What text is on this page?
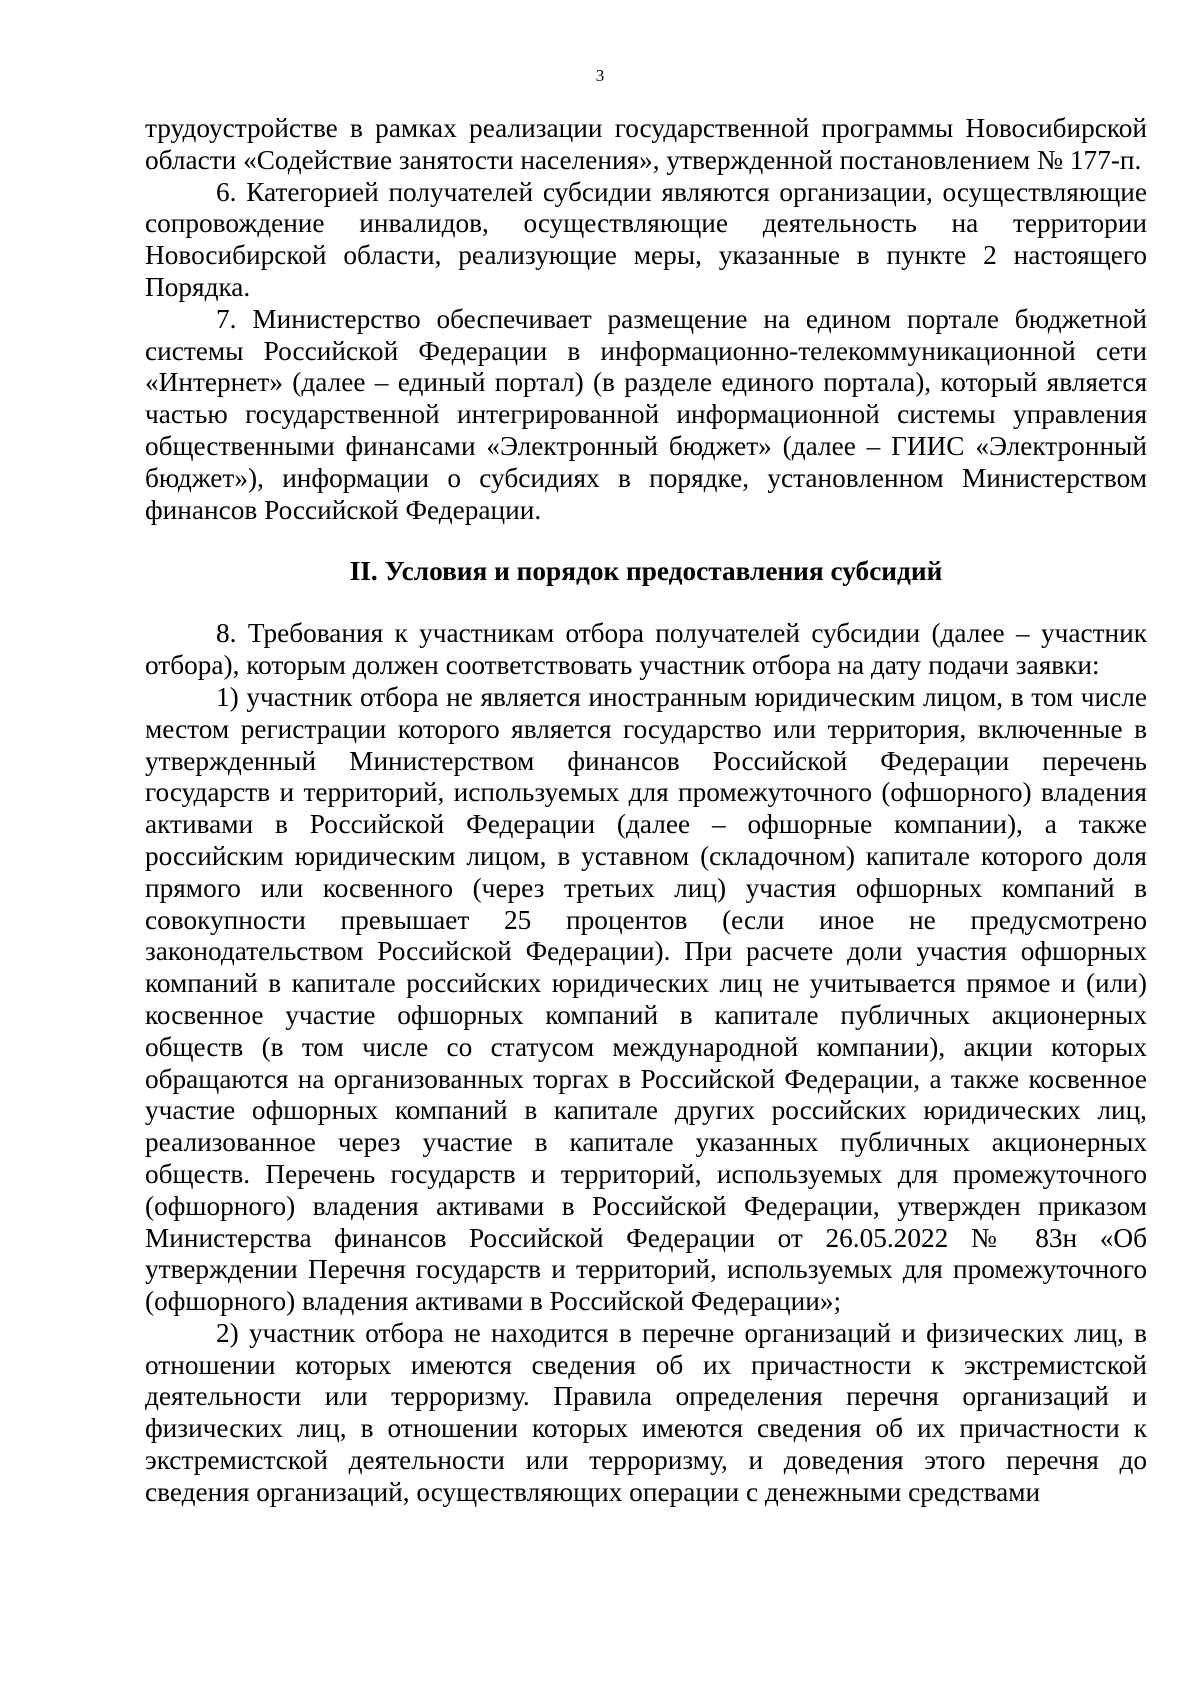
3

трудоустройстве в рамках реализации государственной программы Новосибирской области «Содействие занятости населения», утвержденной постановлением № 177-п.

6. Категорией получателей субсидии являются организации, осуществляющие сопровождение инвалидов, осуществляющие деятельность на территории Новосибирской области, реализующие меры, указанные в пункте 2 настоящего Порядка.

7. Министерство обеспечивает размещение на едином портале бюджетной системы Российской Федерации в информационно-телекоммуникационной сети «Интернет» (далее – единый портал) (в разделе единого портала), который является частью государственной интегрированной информационной системы управления общественными финансами «Электронный бюджет» (далее – ГИИС «Электронный бюджет»), информации о субсидиях в порядке, установленном Министерством финансов Российской Федерации.

II. Условия и порядок предоставления субсидий

8. Требования к участникам отбора получателей субсидии (далее – участник отбора), которым должен соответствовать участник отбора на дату подачи заявки:

1) участник отбора не является иностранным юридическим лицом, в том числе местом регистрации которого является государство или территория, включенные в утвержденный Министерством финансов Российской Федерации перечень государств и территорий, используемых для промежуточного (офшорного) владения активами в Российской Федерации (далее – офшорные компании), а также российским юридическим лицом, в уставном (складочном) капитале которого доля прямого или косвенного (через третьих лиц) участия офшорных компаний в совокупности превышает 25 процентов (если иное не предусмотрено законодательством Российской Федерации). При расчете доли участия офшорных компаний в капитале российских юридических лиц не учитывается прямое и (или) косвенное участие офшорных компаний в капитале публичных акционерных обществ (в том числе со статусом международной компании), акции которых обращаются на организованных торгах в Российской Федерации, а также косвенное участие офшорных компаний в капитале других российских юридических лиц, реализованное через участие в капитале указанных публичных акционерных обществ. Перечень государств и территорий, используемых для промежуточного (офшорного) владения активами в Российской Федерации, утвержден приказом Министерства финансов Российской Федерации от 26.05.2022 № 83н «Об утверждении Перечня государств и территорий, используемых для промежуточного (офшорного) владения активами в Российской Федерации»;

2) участник отбора не находится в перечне организаций и физических лиц, в отношении которых имеются сведения об их причастности к экстремистской деятельности или терроризму. Правила определения перечня организаций и физических лиц, в отношении которых имеются сведения об их причастности к экстремистской деятельности или терроризму, и доведения этого перечня до сведения организаций, осуществляющих операции с денежными средствами
